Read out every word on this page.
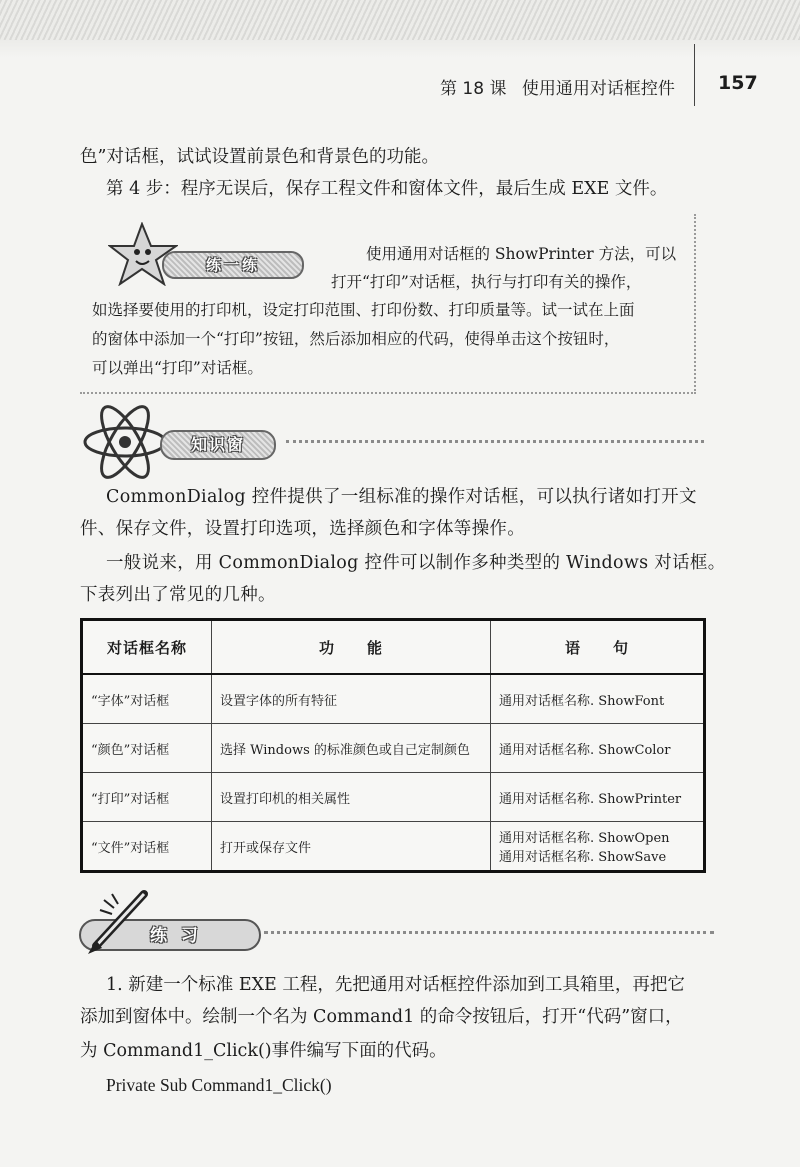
第 18 课 使用通用对话框控件	157

色”对话框，试试设置前景色和背景色的功能。

第 4 步：程序无误后，保存工程文件和窗体文件，最后生成 EXE 文件。

练一练

使用通用对话框的 ShowPrinter 方法，可以

打开“打印”对话框，执行与打印有关的操作，

如选择要使用的打印机，设定打印范围、打印份数、打印质量等。试一试在上面

的窗体中添加一个“打印”按钮，然后添加相应的代码，使得单击这个按钮时，

可以弹出“打印”对话框。

知识窗

CommonDialog 控件提供了一组标准的操作对话框，可以执行诸如打开文

件、保存文件，设置打印选项，选择颜色和字体等操作。

一般说来，用 CommonDialog 控件可以制作多种类型的 Windows 对话框。

下表列出了常见的几种。

对话框名称	功　　能	语　　句
“字体”对话框	设置字体的所有特征	通用对话框名称. ShowFont
“颜色”对话框	选择 Windows 的标准颜色或自己定制颜色	通用对话框名称. ShowColor
“打印”对话框	设置打印机的相关属性	通用对话框名称. ShowPrinter
“文件”对话框	打开或保存文件	通用对话框名称. ShowOpen
通用对话框名称. ShowSave
练 习

1. 新建一个标准 EXE 工程，先把通用对话框控件添加到工具箱里，再把它

添加到窗体中。绘制一个名为 Command1 的命令按钮后，打开“代码”窗口，

为 Command1_Click()事件编写下面的代码。

Private Sub Command1_Click()
